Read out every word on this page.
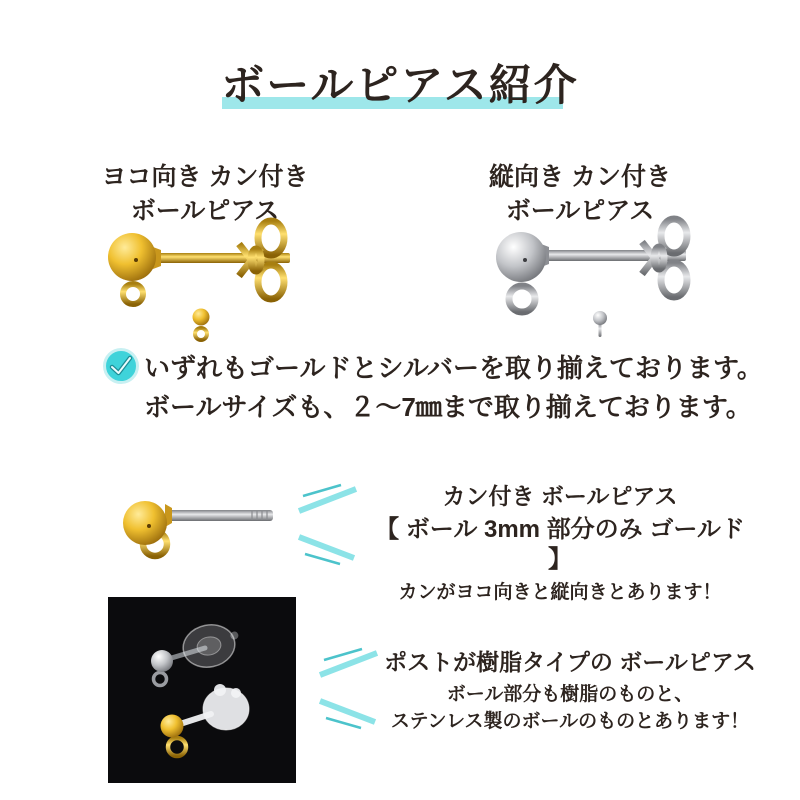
ボールピアス紹介
ヨコ向き カン付き
ボールピアス
縦向き カン付き
ボールピアス
いずれもゴールドとシルバーを取り揃えております。
ボールサイズも、２～7㎜まで取り揃えております。
カン付き ボールピアス
【 ボール 3mm 部分のみ ゴールド 】
カンがヨコ向きと縦向きとあります！
ポストが樹脂タイプの ボールピアス
ボール部分も樹脂のものと、
ステンレス製のボールのものとあります！
